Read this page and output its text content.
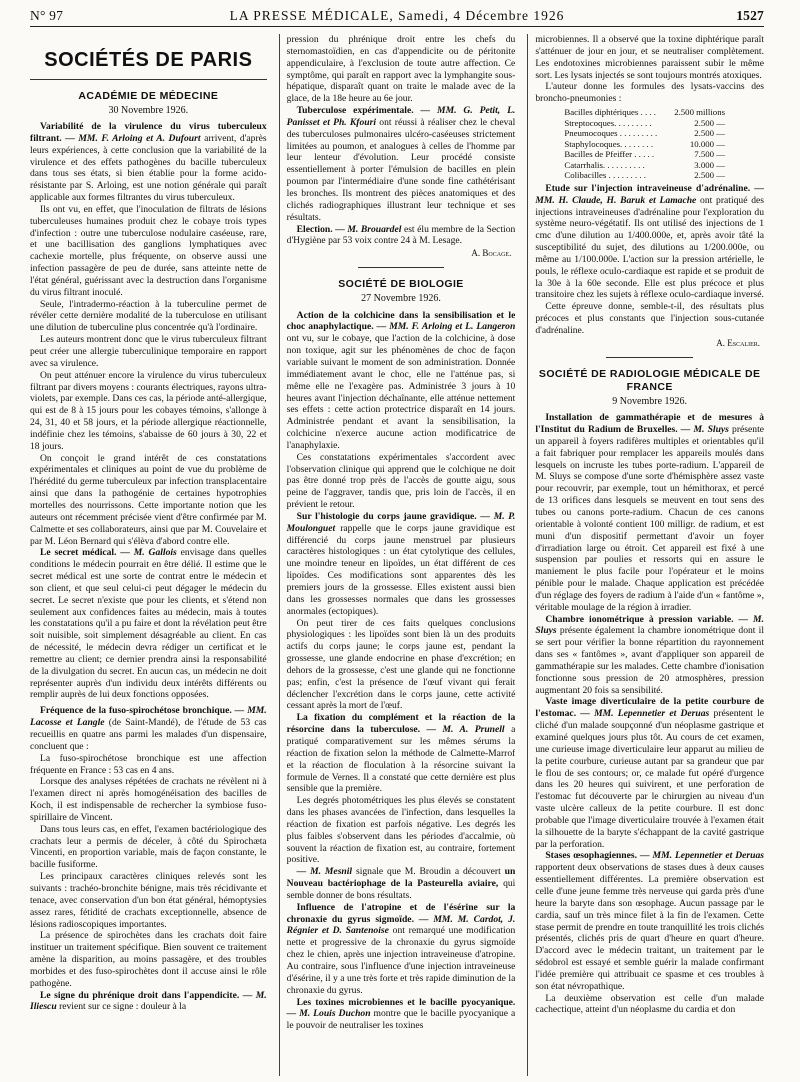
N° 97	LA PRESSE MÉDICALE, Samedi, 4 Décembre 1926	1527
SOCIÉTÉS DE PARIS
ACADÉMIE DE MÉDECINE
30 Novembre 1926.

Variabilité de la virulence du virus tuberculeux filtrant. — MM. F. Arloing et A. Dufourt arrivent, d'après leurs expériences, à cette conclusion que la variabilité de la virulence et des effets pathogènes du bacille tuberculeux dans tous ses états, si bien établie pour la forme acido-résistante par S. Arloing, est une notion générale qui paraît applicable aux formes filtrantes du virus tuberculeux.

Ils ont vu, en effet, que l'inoculation de filtrats de lésions tuberculeuses humaines produit chez le cobaye trois types d'infection : outre une tuberculose nodulaire caséeuse, rare, et une bacillisation des ganglions lymphatiques avec cachexie mortelle, plus fréquente, on observe aussi une infection passagère de peu de durée, sans atteinte nette de l'état général, guérissant avec la destruction dans l'organisme du virus filtrant inoculé.

Seule, l'intradermo-réaction à la tuberculine permet de révéler cette dernière modalité de la tuberculose en utilisant une dilution de tuberculine plus concentrée qu'à l'ordinaire.

Les auteurs montrent donc que le virus tuberculeux filtrant peut créer une allergie tuberculinique temporaire en rapport avec sa virulence.

On peut atténuer encore la virulence du virus tuberculeux filtrant par divers moyens : courants électriques, rayons ultra-violets, par exemple. Dans ces cas, la période anté-allergique, qui est de 8 à 15 jours pour les cobayes témoins, s'allonge à 24, 31, 40 et 58 jours, et la période allergique réactionnelle, indéfinie chez les témoins, s'abaisse de 60 jours à 30, 22 et 18 jours.

On conçoit le grand intérêt de ces constatations expérimentales et cliniques au point de vue du problème de l'hérédité du germe tuberculeux par infection transplacentaire ainsi que dans la pathogénie de certaines hypotrophies mortelles des nourrissons. Cette importante notion que les auteurs ont récemment précisée vient d'être confirmée par M. Calmette et ses collaborateurs, ainsi que par M. Couvelaire et par M. Léon Bernard qui s'élèva d'abord contre elle.

Le secret médical. — M. Gallois envisage dans quelles conditions le médecin pourrait en être délié. Il estime que le secret médical est une sorte de contrat entre le médecin et son client, et que seul celui-ci peut dégager le médecin du secret. Le secret n'existe que pour les clients, et s'étend non seulement aux confidences faites au médecin, mais à toutes les constatations qu'il a pu faire et dont la révélation peut être soit nuisible, soit simplement désagréable au client. En cas de nécessité, le médecin devra rédiger un certificat et le remettre au client; ce dernier prendra ainsi la responsabilité de la divulgation du secret. En aucun cas, un médecin ne doit représenter auprès d'un individu deux intérêts différents ou remplir auprès de lui deux fonctions opposées.

Fréquence de la fuso-spirochétose bronchique. — MM. Lacosse et Langle (de Saint-Mandé), de l'étude de 53 cas recueillis en quatre ans parmi les malades d'un dispensaire, concluent que :

La fuso-spirochétose bronchique est une affection fréquente en France : 53 cas en 4 ans.

Lorsque des analyses répétées de crachats ne révèlent ni à l'examen direct ni après homogénéisation des bacilles de Koch, il est indispensable de rechercher la symbiose fuso-spirillaire de Vincent.

Dans tous leurs cas, en effet, l'examen bactériologique des crachats leur a permis de déceler, à côté du Spirochæta Vincenti, en proportion variable, mais de façon constante, le bacille fusiforme.

Les principaux caractères cliniques relevés sont les suivants : trachéo-bronchite bénigne, mais très récidivante et tenace, avec conservation d'un bon état général, hémoptysies assez rares, fétidité de crachats exceptionnelle, absence de lésions radioscopiques importantes.

La présence de spirochètes dans les crachats doit faire instituer un traitement spécifique. Bien souvent ce traitement amène la disparition, au moins passagère, et des troubles morbides et des fuso-spirochètes dont il accuse ainsi le rôle pathogène.

Le signe du phrénique droit dans l'appendicite. — M. Iliescu revient sur ce signe : douleur à la

pression du phrénique droit entre les chefs du sternomastoïdien, en cas d'appendicite ou de péritonite appendiculaire, à l'exclusion de toute autre affection. Ce symptôme, qui paraît en rapport avec la lymphangite sous-hépatique, disparaît quant on traite le malade avec de la glace, de la 18e heure au 6e jour.

Tuberculose expérimentale. — MM. G. Petit, L. Panisset et Ph. Kfouri ont réussi à réaliser chez le cheval des tuberculoses pulmonaires ulcéro-caséeuses strictement limitées au poumon, et analogues à celles de l'homme par leur lenteur d'évolution. Leur procédé consiste essentiellement à porter l'émulsion de bacilles en plein poumon par l'intermédiaire d'une sonde fine cathétérisant les bronches. Ils montrent des pièces anatomiques et des clichés radiographiques illustrant leur technique et ses résultats.

Election. — M. Brouardel est élu membre de la Section d'Hygiène par 53 voix contre 24 à M. Lesage.

A. Bocage.
SOCIÉTÉ DE BIOLOGIE
27 Novembre 1926.

Action de la colchicine dans la sensibilisation et le choc anaphylactique. — MM. F. Arloing et L. Langeron ont vu, sur le cobaye, que l'action de la colchicine, à dose non toxique, agit sur les phénomènes de choc de façon variable suivant le moment de son administration. Donnée immédiatement avant le choc, elle ne l'atténue pas, si même elle ne l'exagère pas. Administrée 3 jours à 10 heures avant l'injection déchaînante, elle atténue nettement ses effets : cette action protectrice disparaît en 14 jours. Administrée pendant et avant la sensibilisation, la colchicine n'exerce aucune action modificatrice de l'anaphylaxie.

Ces constatations expérimentales s'accordent avec l'observation clinique qui apprend que le colchique ne doit pas être donné trop près de l'accès de goutte aigu, sous peine de l'aggraver, tandis que, pris loin de l'accès, il en prévient le retour.

Sur l'histologie du corps jaune gravidique. — M. P. Moulonguet rappelle que le corps jaune gravidique est différencié du corps jaune menstruel par plusieurs caractères histologiques : un état cytolytique des cellules, une moindre teneur en lipoïdes, un état différent de ces lipoïdes. Ces modifications sont apparentes dès les premiers jours de la grossesse. Elles existent aussi bien dans les grossesses normales que dans les grossesses anormales (ectopiques).

On peut tirer de ces faits quelques conclusions physiologiques : les lipoïdes sont bien là un des produits actifs du corps jaune; le corps jaune est, pendant la grossesse, une glande endocrine en phase d'excrétion; en dehors de la grossesse, c'est une glande qui ne fonctionne pas; enfin, c'est la présence de l'œuf vivant qui ferait déclencher l'excrétion dans le corps jaune, cette activité cessant après la mort de l'œuf.

La fixation du complément et la réaction de la résorcine dans la tuberculose. — M. A. Prunell a pratiqué comparativement sur les mêmes sérums la réaction de fixation selon la méthode de Calmette-Marrof et la réaction de floculation à la résorcine suivant la formule de Vernes. Il a constaté que cette dernière est plus sensible que la première.

Les degrés photométriques les plus élevés se constatent dans les phases avancées de l'infection, dans lesquelles la réaction de fixation est parfois négative. Les degrés les plus faibles s'observent dans les périodes d'accalmie, où souvent la réaction de fixation est, au contraire, fortement positive.

— M. Mesnil signale que M. Broudin a découvert un Nouveau bactériophage de la Pasteurella aviaire, qui semble donner de bons résultats.

Influence de l'atropine et de l'ésérine sur la chronaxie du gyrus sigmoïde. — MM. M. Cardot, J. Régnier et D. Santenoise ont remarqué une modification nette et progressive de la chronaxie du gyrus sigmoïde chez le chien, après une injection intraveineuse d'atropine. Au contraire, sous l'influence d'une injection intraveineuse d'ésérine, il y a une très forte et très rapide diminution de la chronaxie du gyrus.

Les toxines microbiennes et le bacille pyocyanique. — M. Louis Duchon montre que le bacille pyocyanique a le pouvoir de neutraliser les toxines

microbiennes. Il a observé que la toxine diphtérique paraît s'atténuer de jour en jour, et se neutraliser complètement. Les endotoxines microbiennes paraissent subir le même sort. Les lysats injectés se sont toujours montrés atoxiques.

L'auteur donne les formules des lysats-vaccins des broncho-pneumonies :

Bacilles diphtériques . . . .	2.500 millions
Streptocoques. . . . . . . . .	2.500 —
Pneumocoques . . . . . . . . .	2.500 —
Staphylocoques. . . . . . . .	10.000 —
Bacilles de Pfeiffer . . . . .	7.500 —
Catarrhalis. . . . . . . . . .	3.000 —
Colibacilles . . . . . . . . .	2.500 —

Etude sur l'injection intraveineuse d'adrénaline. — MM. H. Claude, H. Baruk et Lamache ont pratiqué des injections intraveineuses d'adrénaline pour l'exploration du système neuro-végétatif. Ils ont utilisé des injections de 1 cmc d'une dilution au 1/400.000e, et, après avoir tâté la susceptibilité du sujet, des dilutions au 1/200.000e, ou même au 1/100.000e. L'action sur la pression artérielle, le pouls, le réflexe oculo-cardiaque est rapide et se produit de la 30e à la 60e seconde. Elle est plus précoce et plus transitoire chez les sujets à réflexe oculo-cardiaque inversé.

Cette épreuve donne, semble-t-il, des résultats plus précoces et plus constants que l'injection sous-cutanée d'adrénaline.

A. Escalier.
SOCIÉTÉ DE RADIOLOGIE MÉDICALE DE FRANCE
9 Novembre 1926.

Installation de gammathérapie et de mesures à l'Institut du Radium de Bruxelles. — M. Sluys présente un appareil à foyers radifères multiples et orientables qu'il a fait fabriquer pour remplacer les appareils moulés dans lesquels on incruste les tubes porte-radium. L'appareil de M. Sluys se compose d'une sorte d'hémisphère assez vaste pour recouvrir, par exemple, tout un hémithorax, et percé de 13 orifices dans lesquels se meuvent en tout sens des tubes ou canons porte-radium. Chacun de ces canons orientable à volonté contient 100 milligr. de radium, et est muni d'un dispositif permettant d'avoir un foyer d'irradiation large ou étroit. Cet appareil est fixé à une suspension par poulies et ressorts qui en assure le maniement le plus facile pour l'opérateur et le moins pénible pour le malade. Chaque application est précédée d'un réglage des foyers de radium à l'aide d'un « fantôme », véritable moulage de la région à irradier.

Chambre ionométrique à pression variable. — M. Sluys présente également la chambre ionométrique dont il se sert pour vérifier la bonne répartition du rayonnement dans ses « fantômes », avant d'appliquer son appareil de gammathérapie sur les malades. Cette chambre d'ionisation fonctionne sous pression de 20 atmosphères, pression augmentant 20 fois sa sensibilité.

Vaste image diverticulaire de la petite courbure de l'estomac. — MM. Lepennetier et Deruas présentent le cliché d'un malade soupçonné d'un néoplasme gastrique et examiné quelques jours plus tôt. Au cours de cet examen, une curieuse image diverticulaire leur apparut au milieu de la petite courbure, curieuse autant par sa grandeur que par le flou de ses contours; or, ce malade fut opéré d'urgence dans les 20 heures qui suivirent, et une perforation de l'estomac fut découverte par le chirurgien au niveau d'un vaste ulcère calleux de la petite courbure. Il est donc probable que l'image diverticulaire trouvée à l'examen était la silhouette de la baryte s'échappant de la cavité gastrique par la perforation.

Stases œsophagiennes. — MM. Lepennetier et Deruas rapportent deux observations de stases dues à deux causes essentiellement différentes. La première observation est celle d'une jeune femme très nerveuse qui garda près d'une heure la baryte dans son œsophage. Aucun passage par le cardia, sauf un très mince filet à la fin de l'examen. Cette stase permit de prendre en toute tranquillité les trois clichés présentés, clichés pris de quart d'heure en quart d'heure. D'accord avec le médecin traitant, un traitement par le sédobrol est essayé et semble guérir la malade confirmant l'idée première qui attribuait ce spasme et ces troubles à son état névropathique.

La deuxième observation est celle d'un malade cachectique, atteint d'un néoplasme du cardia et don
